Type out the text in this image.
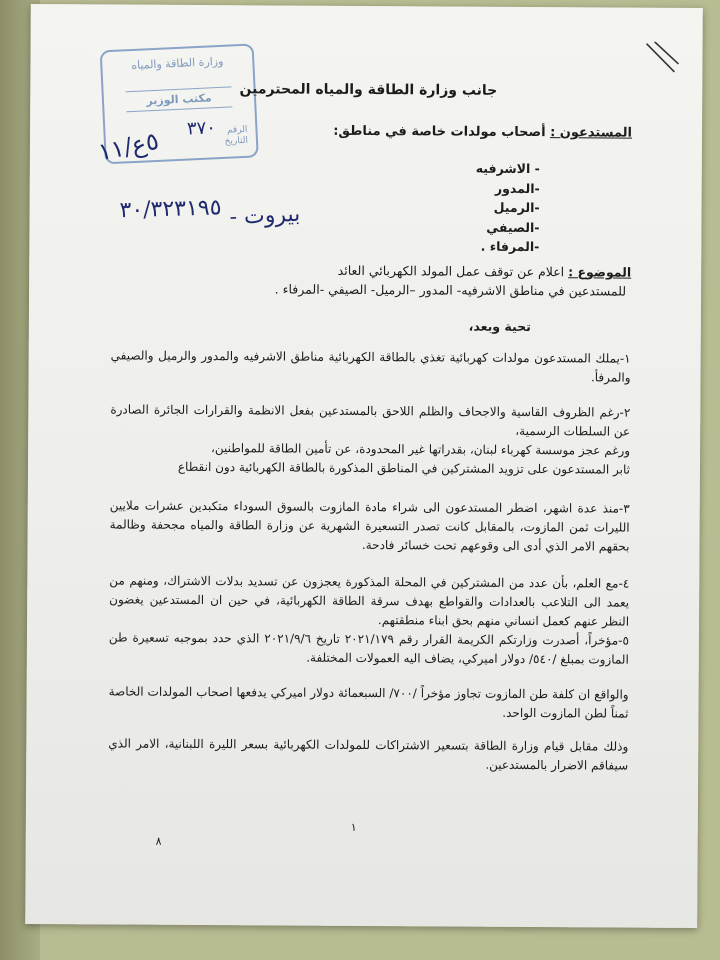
وزارة الطاقة والمياه
مكتب الوزير
الرقم ٣٧٠
التاريخ
٥ع/١١
٣٠/٣٢٣١٩٥ بيروت -
جانب وزارة الطاقة والمياه المحترمين
المستدعون : أصحاب مولدات خاصة في مناطق:
- الاشرفيه
-المدور
-الرميل
-الصيفي
-المرفاء .
الموضوع : اعلام عن توقف عمل المولد الكهربائي العائد
للمستدعين في مناطق الاشرفيه- المدور –الرميل- الصيفي -المرفاء .
تحية وبعد،
١-يملك المستدعون مولدات كهربائية تغذي بالطاقة الكهربائية مناطق الاشرفيه والمدور والرميل والصيفي والمرفأ.
٢-رغم الظروف القاسية والاجحاف والظلم اللاحق بالمستدعين بفعل الانظمة والقرارات الجائرة الصادرة عن السلطات الرسمية،
ورغم عجز موسسة كهرباء لبنان، بقدراتها غير المحدودة، عن تأمين الطاقة للمواطنين،
ثابر المستدعون على تزويد المشتركين في المناطق المذكورة بالطاقة الكهربائية دون انقطاع
٣-منذ عدة اشهر، اضطر المستدعون الى شراء مادة المازوت بالسوق السوداء متكبدين عشرات ملايين الليرات ثمن المازوت، بالمقابل كانت تصدر التسعيرة الشهرية عن وزارة الطاقة والمياه مجحفة وظالمة بحقهم الامر الذي أدى الى وقوعهم تحت خسائر فادحة.
٤-مع العلم، بأن عدد من المشتركين في المحلة المذكورة يعجزون عن تسديد بدلات الاشتراك، ومنهم من يعمد الى التلاعب بالعدادات والقواطع بهدف سرقة الطاقة الكهربائية، في حين ان المستدعين يغضون النظر عنهم كعمل انساني منهم بحق ابناء منطقتهم.
٥-مؤخراً، أصدرت وزارتكم الكريمة القرار رقم ٢٠٢١/١٧٩ تاريخ ٢٠٢١/٩/٦ الذي حدد بموجبه تسعيرة طن المازوت بمبلغ /٥٤٠/ دولار اميركي، يضاف اليه العمولات المختلفة.
والواقع ان كلفة طن المازوت تجاوز مؤخراً /٧٠٠/ السبعمائة دولار اميركي يدفعها اصحاب المولدات الخاصة ثمناً لطن المازوت الواحد.
وذلك مقابل قيام وزارة الطاقة بتسعير الاشتراكات للمولدات الكهربائية بسعر الليرة اللبنانية، الامر الذي سيفاقم الاضرار بالمستدعين.
١
٨
